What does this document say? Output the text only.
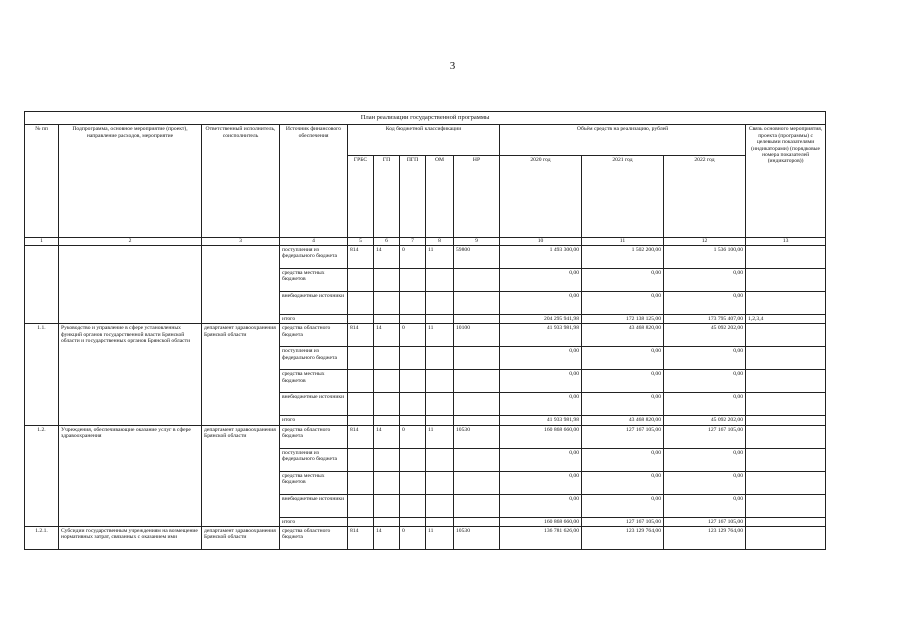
3
План реализации государственной программы												
№ пп	Подпрограмма, основное мероприятие (проект), направление расходов, мероприятие	Ответственный исполнитель, соисполнитель	Источник финансового обеспечения	Код бюджетной классификации					Объём средств на реализацию, рублей			Связь основного мероприятия, проекта (программы) с целевыми показателями (индикаторами) (порядковые номера показателей (индикаторов))
				ГРБС	ГП	ПГП	ОМ	НР	2020 год	2021 год	2022 год	
1	2	3	4	5	6	7	8	9	10	11	12	13
			поступления из федерального бюджета	814	14	0	11	59800	1 493 300,00	1 502 200,00	1 536 100,00	
			средства местных бюджетов						0,00	0,00	0,00	
			внебюджетные источники						0,00	0,00	0,00	
			итого						204 295 941,98	172 138 125,00	173 795 407,00	1,2,3,4
1.1.	Руководство и управление в сфере установленных функций органов государственной власти Брянской области и государственных органов Брянской области	департамент здравоохранения Брянской области	средства областного бюджета	814	14	0	11	10100	41 933 981,98	43 468 820,00	45 092 202,00	
			поступления из федерального бюджета						0,00	0,00	0,00	
			средства местных бюджетов						0,00	0,00	0,00	
			внебюджетные источники						0,00	0,00	0,00	
			итого						41 933 981,98	43 468 820,00	45 092 202,00	
1.2.	Учреждения, обеспечивающие оказание услуг в сфере здравоохранения	департамент здравоохранения Брянской области	средства областного бюджета	814	14	0	11	10530	160 868 660,00	127 167 105,00	127 167 105,00	
			поступления из федерального бюджета						0,00	0,00	0,00	
			средства местных бюджетов						0,00	0,00	0,00	
			внебюджетные источники						0,00	0,00	0,00	
			итого						160 868 660,00	127 167 105,00	127 167 105,00	
1.2.1.	Субсидии государственным учреждениям на возмещение нормативных затрат, связанных с оказанием ими	департамент здравоохранения Брянской области	средства областного бюджета	814	14	0	11	10530	136 781 626,00	123 129 764,00	123 129 764,00	
